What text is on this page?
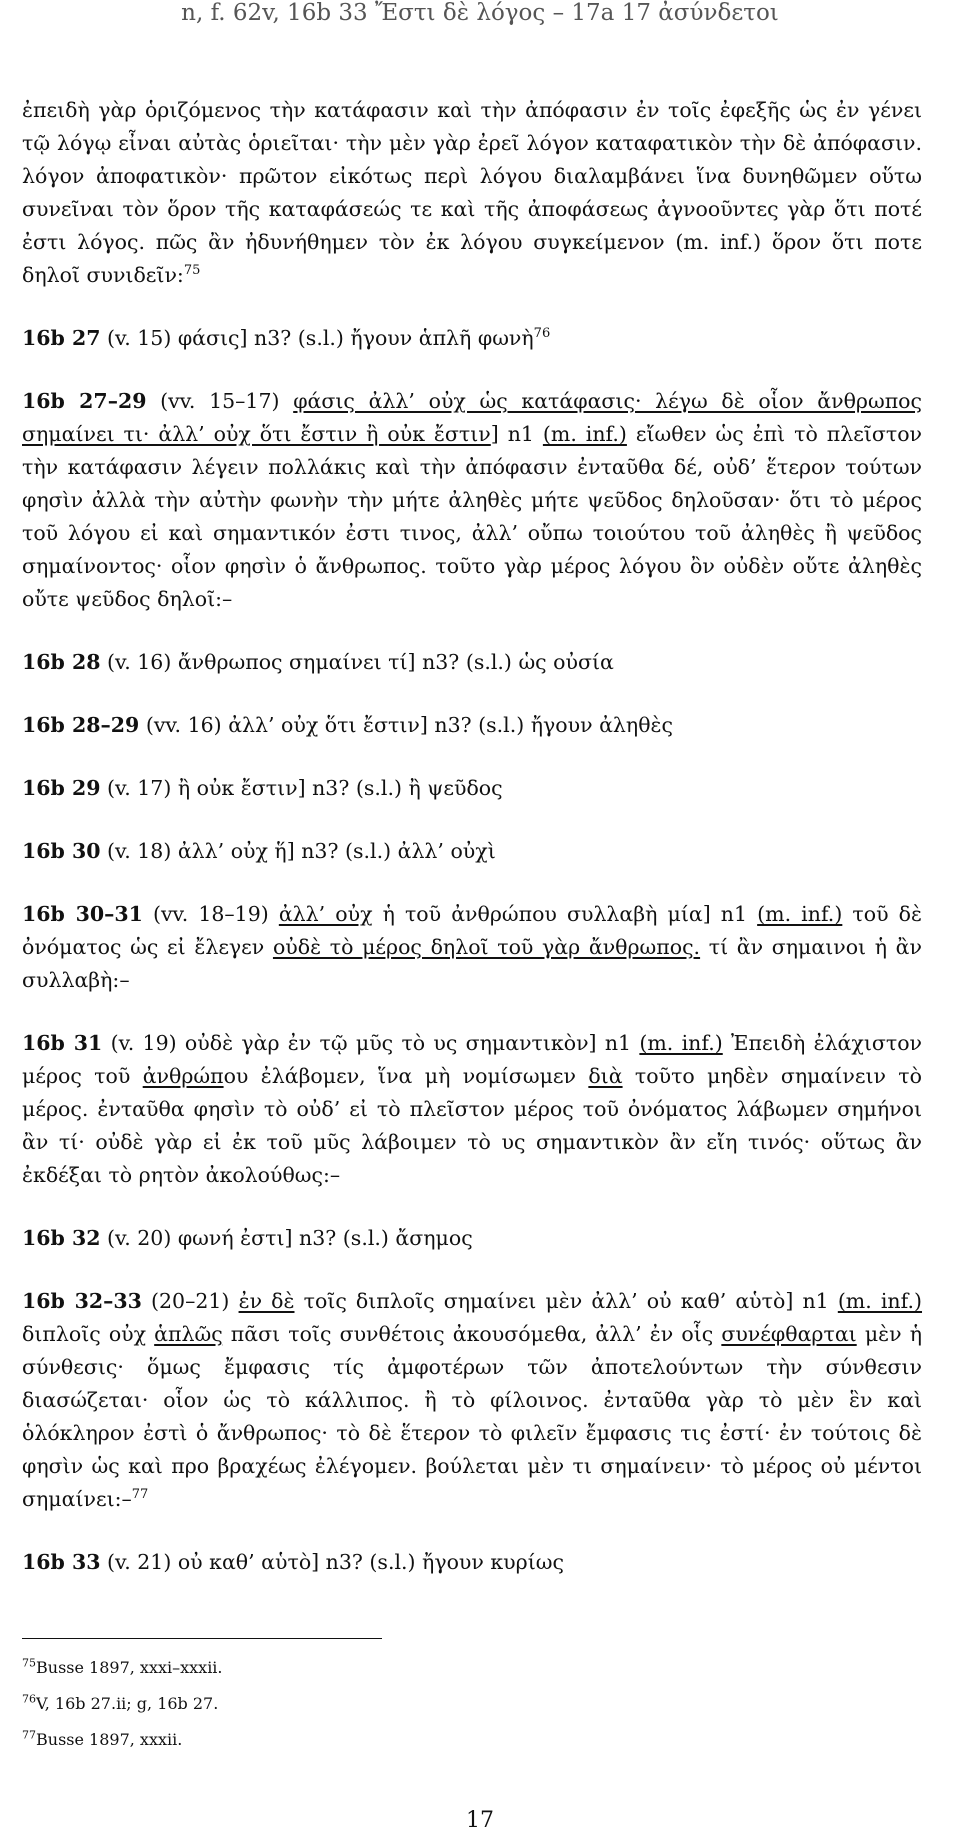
n, f. 62v, 16b 33 Ἔστι δὲ λόγος – 17a 17 ἀσύνδετοι

ἐπειδὴ γὰρ ὁριζόμενος τὴν κατάφασιν καὶ τὴν ἀπόφασιν ἐν τοῖς ἐφεξῆς ὡς ἐν γένει τῷ λόγῳ εἶναι αὐτὰς ὁριεῖται· τὴν μὲν γὰρ ἐρεῖ λόγον καταφατικὸν τὴν δὲ ἀπόφασιν. λόγον ἀποφατικὸν· πρῶτον εἰκότως περὶ λόγου διαλαμβάνει ἵνα δυνηθῶμεν οὕτω συνεῖναι τὸν ὅρον τῆς καταφάσεώς τε καὶ τῆς ἀποφάσεως ἀγνοοῦντες γὰρ ὅτι ποτέ ἐστι λόγος. πῶς ἂν ἠδυνήθημεν τὸν ἐκ λόγου συγκείμενον (m. inf.) ὅρον ὅτι ποτε δηλοῖ συνιδεῖν:$^{75}$

16b 27 (v. 15) φάσις] n3? (s.l.) ἤγουν ἁπλῆ φωνὴ$^{76}$

16b 27–29 (vv. 15–17) φάσις ἀλλ’ οὐχ ὡς κατάφασις· λέγω δὲ οἷον ἄνθρωπος σημαίνει τι· ἀλλ’ οὐχ ὅτι ἔστιν ἢ οὐκ ἔστιν] n1 (m. inf.) εἴωθεν ὡς ἐπὶ τὸ πλεῖστον τὴν κατάφασιν λέγειν πολλάκις καὶ τὴν ἀπόφασιν ἐνταῦθα δέ, οὐδ’ ἕτερον τούτων φησὶν ἀλλὰ τὴν αὐτὴν φωνὴν τὴν μήτε ἀληθὲς μήτε ψεῦδος δηλοῦσαν· ὅτι τὸ μέρος τοῦ λόγου εἰ καὶ σημαντικόν ἐστι τινος, ἀλλ’ οὔπω τοιούτου τοῦ ἀληθὲς ἢ ψεῦδος σημαίνοντος· οἷον φησὶν ὁ ἄνθρωπος. τοῦτο γὰρ μέρος λόγου ὂν οὐδὲν οὔτε ἀληθὲς οὔτε ψεῦδος δηλοῖ:–

16b 28 (v. 16) ἄνθρωπος σημαίνει τί] n3? (s.l.) ὡς οὐσία

16b 28–29 (vv. 16) ἀλλ’ οὐχ ὅτι ἔστιν] n3? (s.l.) ἤγουν ἀληθὲς

16b 29 (v. 17) ἢ οὐκ ἔστιν] n3? (s.l.) ἢ ψεῦδος

16b 30 (v. 18) ἀλλ’ οὐχ ἥ] n3? (s.l.) ἀλλ’ οὐχὶ

16b 30–31 (vv. 18–19) ἀλλ’ οὐχ ἡ τοῦ ἀνθρώπου συλλαβὴ μία] n1 (m. inf.) τοῦ δὲ ὀνόματος ὡς εἰ ἔλεγεν οὐδὲ τὸ μέρος δηλοῖ τοῦ γὰρ ἄνθρωπος. τί ἂν σημαινοι ἡ ἂν συλλαβὴ:–

16b 31 (v. 19) οὐδὲ γὰρ ἐν τῷ μῦς τὸ υς σημαντικὸν] n1 (m. inf.) Ἐπειδὴ ἐλάχιστον μέρος τοῦ ἀνθρώπου ἐλάβομεν, ἵνα μὴ νομίσωμεν διὰ τοῦτο μηδὲν σημαίνειν τὸ μέρος. ἐνταῦθα φησὶν τὸ οὐδ’ εἰ τὸ πλεῖστον μέρος τοῦ ὀνόματος λάβωμεν σημήνοι ἂν τί· οὐδὲ γὰρ εἰ ἐκ τοῦ μῦς λάβοιμεν τὸ υς σημαντικὸν ἂν εἴη τινός· οὕτως ἂν ἐκδέξαι τὸ ρητὸν ἀκολούθως:–

16b 32 (v. 20) φωνή ἐστι] n3? (s.l.) ἄσημος

16b 32–33 (20–21) ἐν δὲ τοῖς διπλοῖς σημαίνει μὲν ἀλλ’ οὐ καθ’ αὑτὸ] n1 (m. inf.) διπλοῖς οὐχ ἁπλῶς πᾶσι τοῖς συνθέτοις ἀκουσόμεθα, ἀλλ’ ἐν οἷς συνέφθαρται μὲν ἡ σύνθεσις· ὅμως ἔμφασις τίς ἀμφοτέρων τῶν ἀποτελούντων τὴν σύνθεσιν διασώζεται· οἷον ὡς τὸ κάλλιπος. ἢ τὸ φίλοινος. ἐνταῦθα γὰρ τὸ μὲν ἓν καὶ ὁλόκληρον ἐστὶ ὁ ἄνθρωπος· τὸ δὲ ἕτερον τὸ φιλεῖν ἔμφασις τις ἐστί· ἐν τούτοις δὲ φησὶν ὡς καὶ προ βραχέως ἐλέγομεν. βούλεται μὲν τι σημαίνειν· τὸ μέρος οὐ μέντοι σημαίνει:–$^{77}$

16b 33 (v. 21) οὐ καθ’ αὑτὸ] n3? (s.l.) ἤγουν κυρίως

$^{75}$Busse 1897, xxxi–xxxii.
$^{76}$V, 16b 27.ii; g, 16b 27.
$^{77}$Busse 1897, xxxii.
17
